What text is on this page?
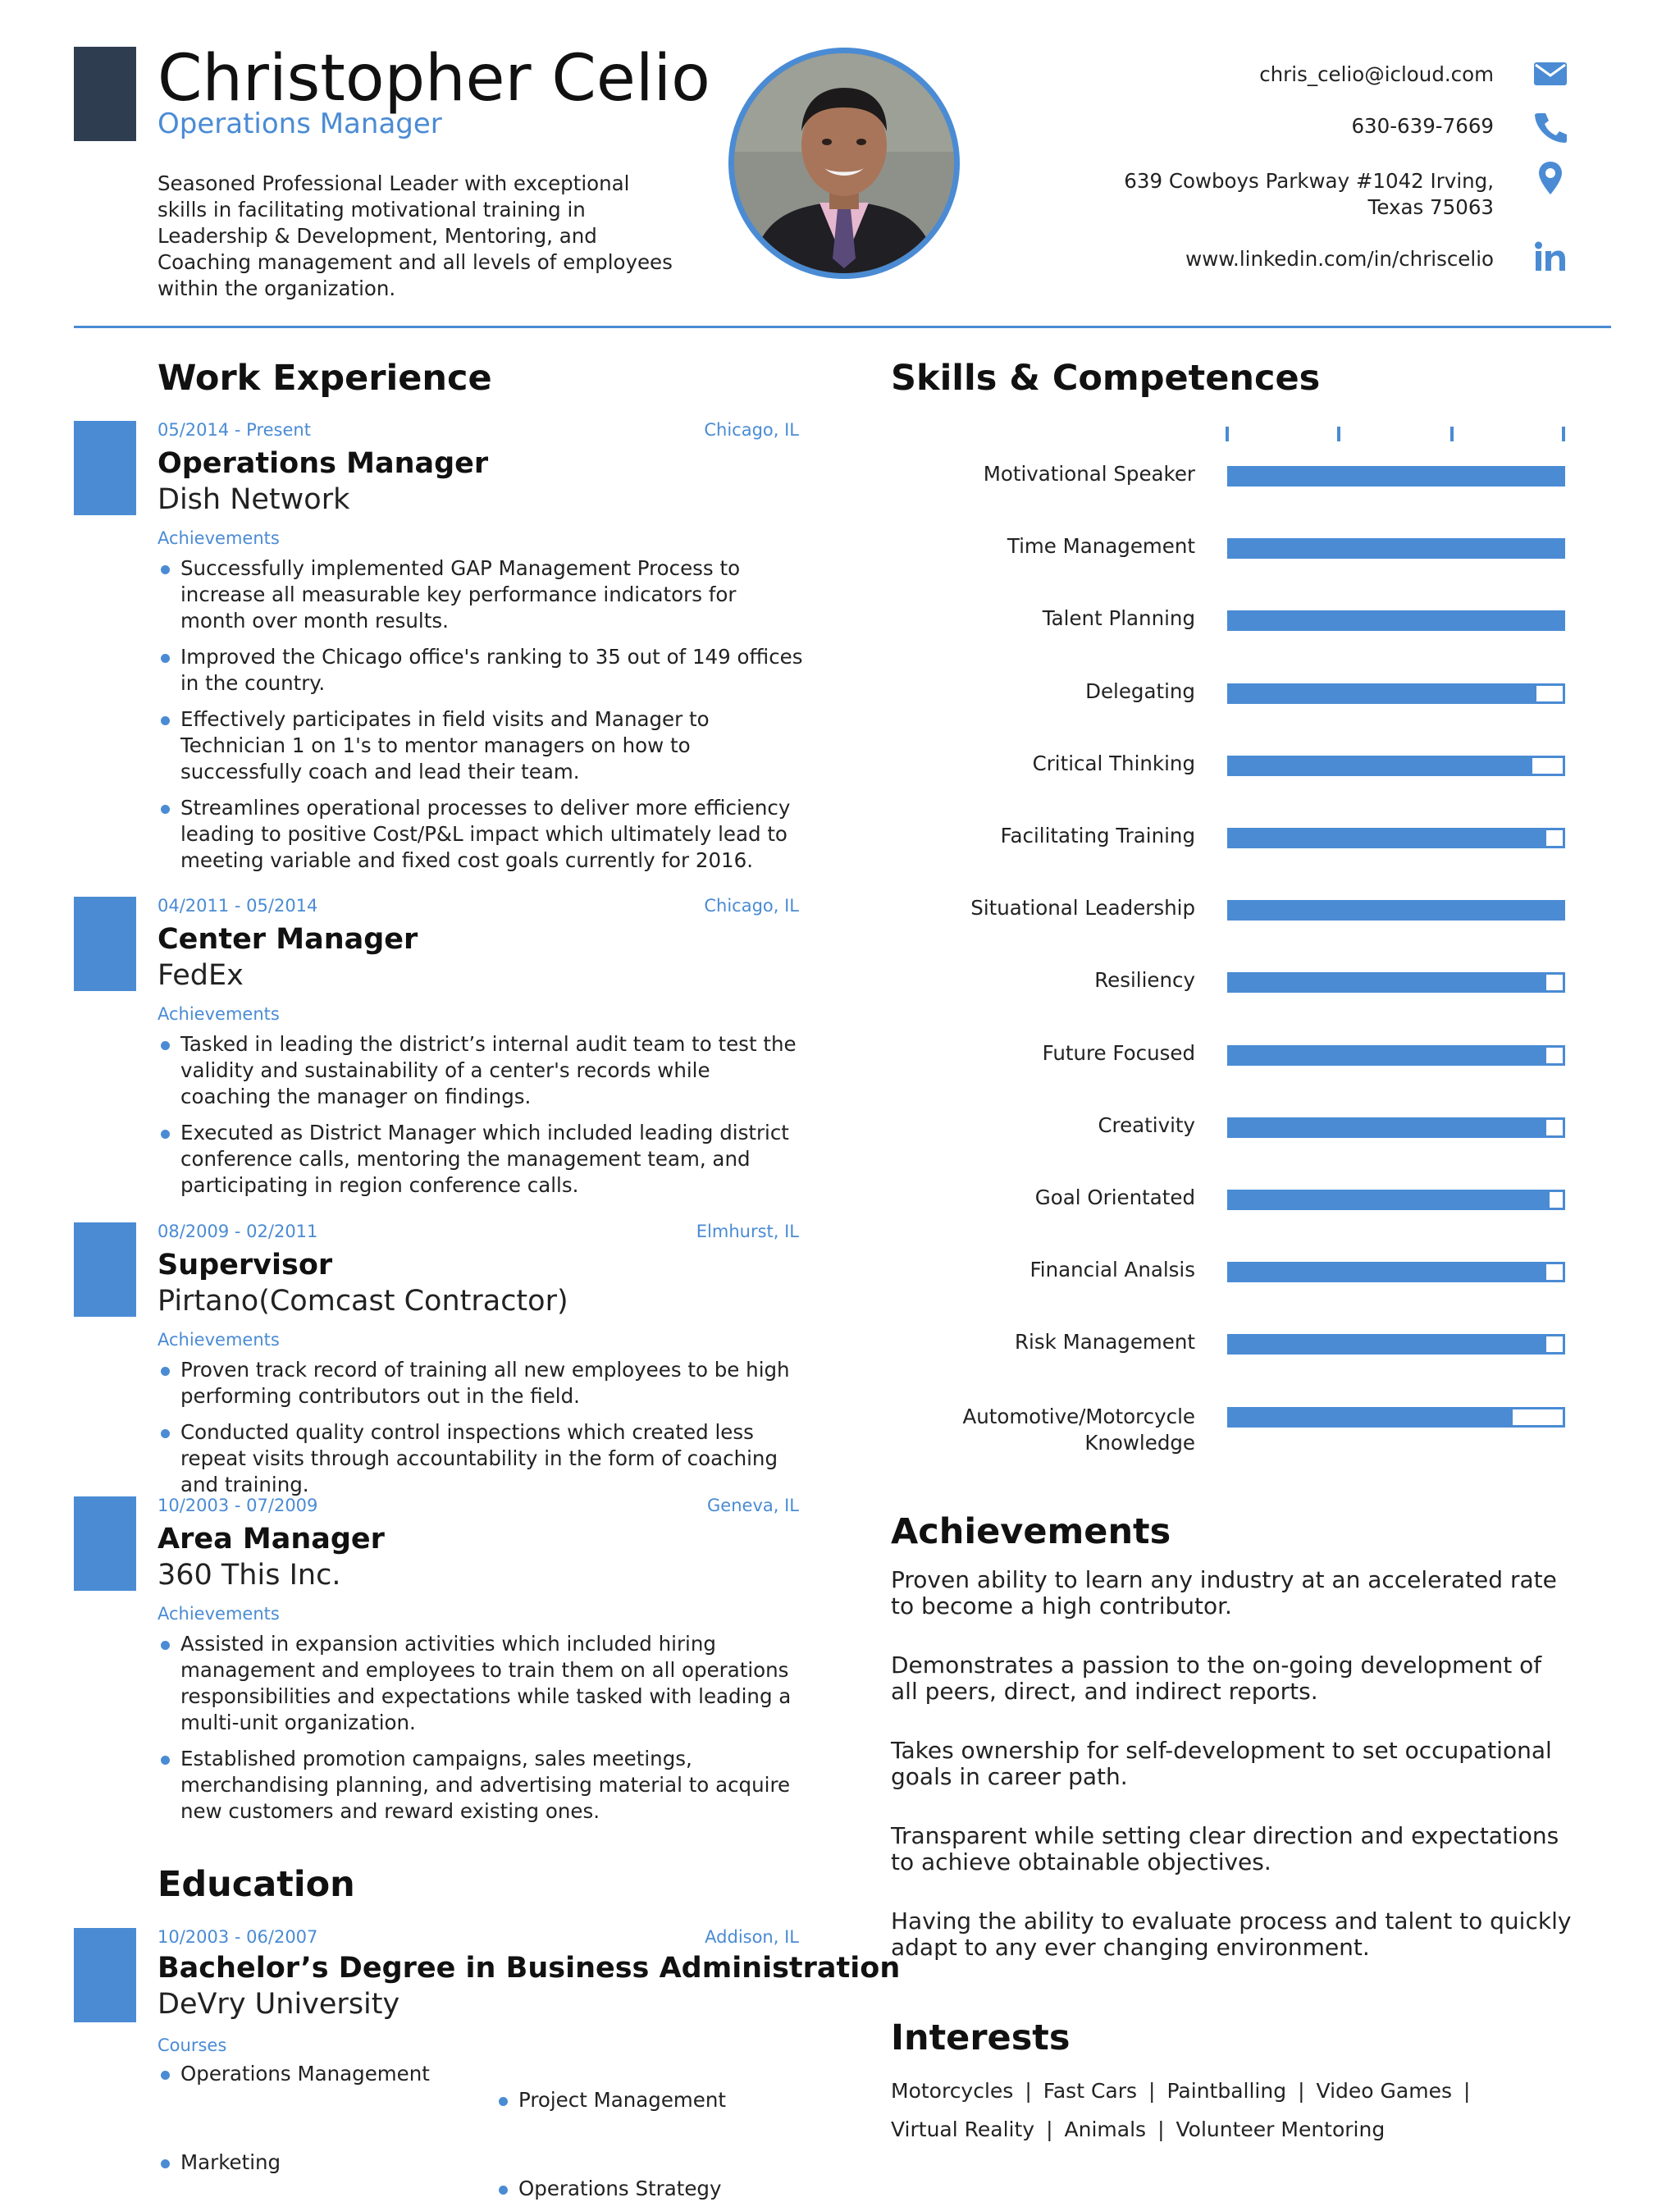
Christopher Celio
Operations Manager
Seasoned Professional Leader with exceptional skills in facilitating motivational training in Leadership & Development, Mentoring, and Coaching management and all levels of employees within the organization.
chris_celio@icloud.com
630-639-7669
639 Cowboys Parkway #1042 Irving,
Texas 75063
www.linkedin.com/in/chriscelio
Work Experience
05/2014 - Present	Chicago, IL
Operations Manager
Dish Network
Achievements
Successfully implemented GAP Management Process to increase all measurable key performance indicators for month over month results.
Improved the Chicago office's ranking to 35 out of 149 offices in the country.
Effectively participates in field visits and Manager to Technician 1 on 1's to mentor managers on how to successfully coach and lead their team.
Streamlines operational processes to deliver more efficiency leading to positive Cost/P&L impact which ultimately lead to meeting variable and fixed cost goals currently for 2016.
04/2011 - 05/2014	Chicago, IL
Center Manager
FedEx
Achievements
Tasked in leading the district’s internal audit team to test the validity and sustainability of a center's records while coaching the manager on findings.
Executed as District Manager which included leading district conference calls, mentoring the management team, and participating in region conference calls.
08/2009 - 02/2011	Elmhurst, IL
Supervisor
Pirtano(Comcast Contractor)
Achievements
Proven track record of training all new employees to be high performing contributors out in the field.
Conducted quality control inspections which created less repeat visits through accountability in the form of coaching and training.
10/2003 - 07/2009	Geneva, IL
Area Manager
360 This Inc.
Achievements
Assisted in expansion activities which included hiring management and employees to train them on all operations responsibilities and expectations while tasked with leading a multi-unit organization.
Established promotion campaigns, sales meetings, merchandising planning, and advertising material to acquire new customers and reward existing ones.
Education
10/2003 - 06/2007	Addison, IL
Bachelor’s Degree in Business Administration
DeVry University
Courses
Operations Management
Project Management
Marketing
Operations Strategy
Skills & Competences
Motivational Speaker
Time Management
Talent Planning
Delegating
Critical Thinking
Facilitating Training
Situational Leadership
Resiliency
Future Focused
Creativity
Goal Orientated
Financial Analsis
Risk Management
Automotive/Motorcycle Knowledge
Achievements
Proven ability to learn any industry at an accelerated rate to become a high contributor.
Demonstrates a passion to the on-going development of all peers, direct, and indirect reports.
Takes ownership for self-development to set occupational goals in career path.
Transparent while setting clear direction and expectations to achieve obtainable objectives.
Having the ability to evaluate process and talent to quickly adapt to any ever changing environment.
Interests
Motorcycles | Fast Cars | Paintballing | Video Games |
Virtual Reality | Animals | Volunteer Mentoring
